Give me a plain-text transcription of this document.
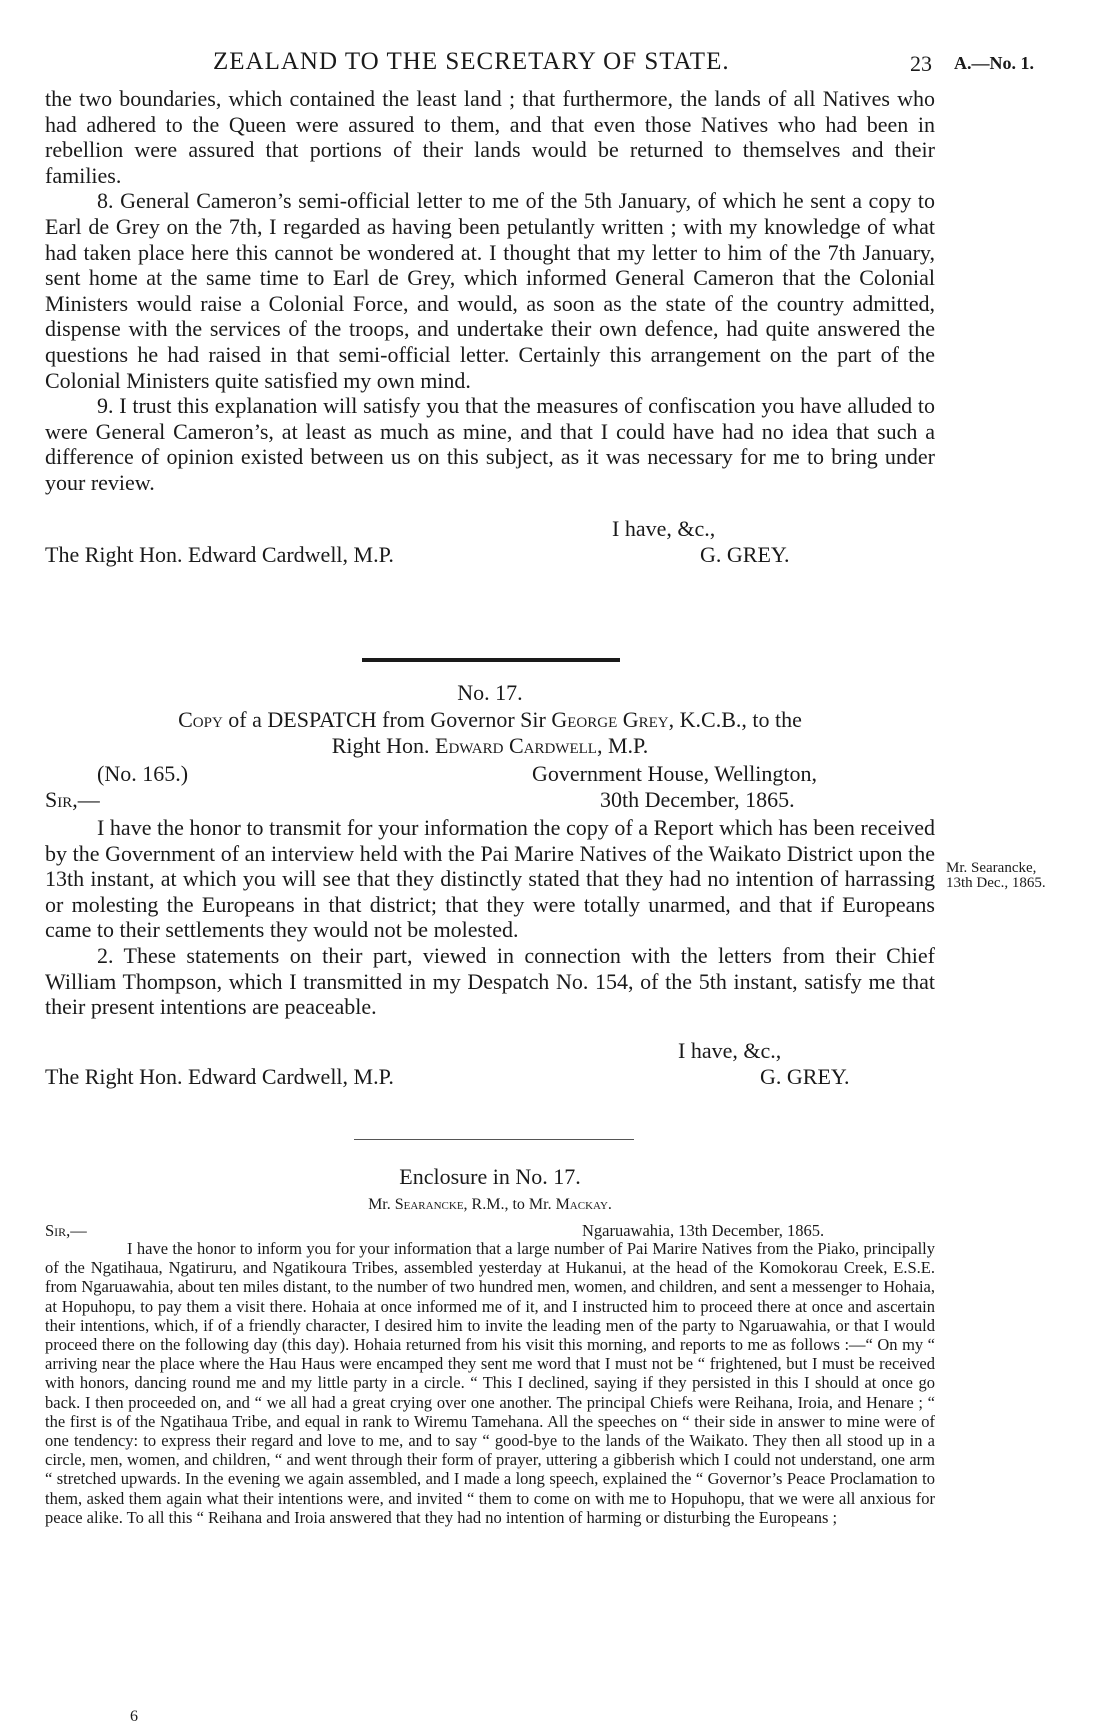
ZEALAND TO THE SECRETARY OF STATE.	23 A.—No. 1.

the two boundaries, which contained the least land ; that furthermore, the lands of all Natives who had adhered to the Queen were assured to them, and that even those Natives who had been in rebellion were assured that portions of their lands would be returned to themselves and their families.

8. General Cameron’s semi-official letter to me of the 5th January, of which he sent a copy to Earl de Grey on the 7th, I regarded as having been petulantly written ; with my knowledge of what had taken place here this cannot be wondered at. I thought that my letter to him of the 7th January, sent home at the same time to Earl de Grey, which informed General Cameron that the Colonial Ministers would raise a Colonial Force, and would, as soon as the state of the country admitted, dispense with the services of the troops, and undertake their own defence, had quite answered the questions he had raised in that semi-official letter. Certainly this arrangement on the part of the Colonial Ministers quite satisfied my own mind.

9. I trust this explanation will satisfy you that the measures of confiscation you have alluded to were General Cameron’s, at least as much as mine, and that I could have had no idea that such a difference of opinion existed between us on this subject, as it was necessary for me to bring under your review.

I have, &c.,
The Right Hon. Edward Cardwell, M.P.	G. GREY.
No. 17.
Copy of a DESPATCH from Governor Sir George Grey, K.C.B., to the
Right Hon. Edward Cardwell, M.P.
(No. 165.)	Government House, Wellington,
Sir,—	30th December, 1865.

I have the honor to transmit for your information the copy of a Report which has been received by the Government of an interview held with the Pai Marire Natives of the Waikato District upon the 13th instant, at which you will see that they distinctly stated that they had no intention of harrassing or molesting the Europeans in that district; that they were totally unarmed, and that if Europeans came to their settlements they would not be molested.

2. These statements on their part, viewed in connection with the letters from their Chief William Thompson, which I transmitted in my Despatch No. 154, of the 5th instant, satisfy me that their present intentions are peaceable.

Mr. Searancke,
13th Dec., 1865.
I have, &c.,
The Right Hon. Edward Cardwell, M.P.	G. GREY.
Enclosure in No. 17.
Mr. Searancke, R.M., to Mr. Mackay.
Sir,—	Ngaruawahia, 13th December, 1865.

I have the honor to inform you for your information that a large number of Pai Marire Natives from the Piako, principally of the Ngatihaua, Ngatiruru, and Ngatikoura Tribes, assembled yesterday at Hukanui, at the head of the Komokorau Creek, E.S.E. from Ngaruawahia, about ten miles distant, to the number of two hundred men, women, and children, and sent a messenger to Hohaia, at Hopuhopu, to pay them a visit there. Hohaia at once informed me of it, and I instructed him to proceed there at once and ascertain their intentions, which, if of a friendly character, I desired him to invite the leading men of the party to Ngaruawahia, or that I would proceed there on the following day (this day). Hohaia returned from his visit this morning, and reports to me as follows :—“ On my “ arriving near the place where the Hau Haus were encamped they sent me word that I must not be “ frightened, but I must be received with honors, dancing round me and my little party in a circle. “ This I declined, saying if they persisted in this I should at once go back. I then proceeded on, and “ we all had a great crying over one another. The principal Chiefs were Reihana, Iroia, and Henare ; “ the first is of the Ngatihaua Tribe, and equal in rank to Wiremu Tamehana. All the speeches on “ their side in answer to mine were of one tendency: to express their regard and love to me, and to say “ good-bye to the lands of the Waikato. They then all stood up in a circle, men, women, and children, “ and went through their form of prayer, uttering a gibberish which I could not understand, one arm “ stretched upwards. In the evening we again assembled, and I made a long speech, explained the “ Governor’s Peace Proclamation to them, asked them again what their intentions were, and invited “ them to come on with me to Hopuhopu, that we were all anxious for peace alike. To all this “ Reihana and Iroia answered that they had no intention of harming or disturbing the Europeans ;

6
